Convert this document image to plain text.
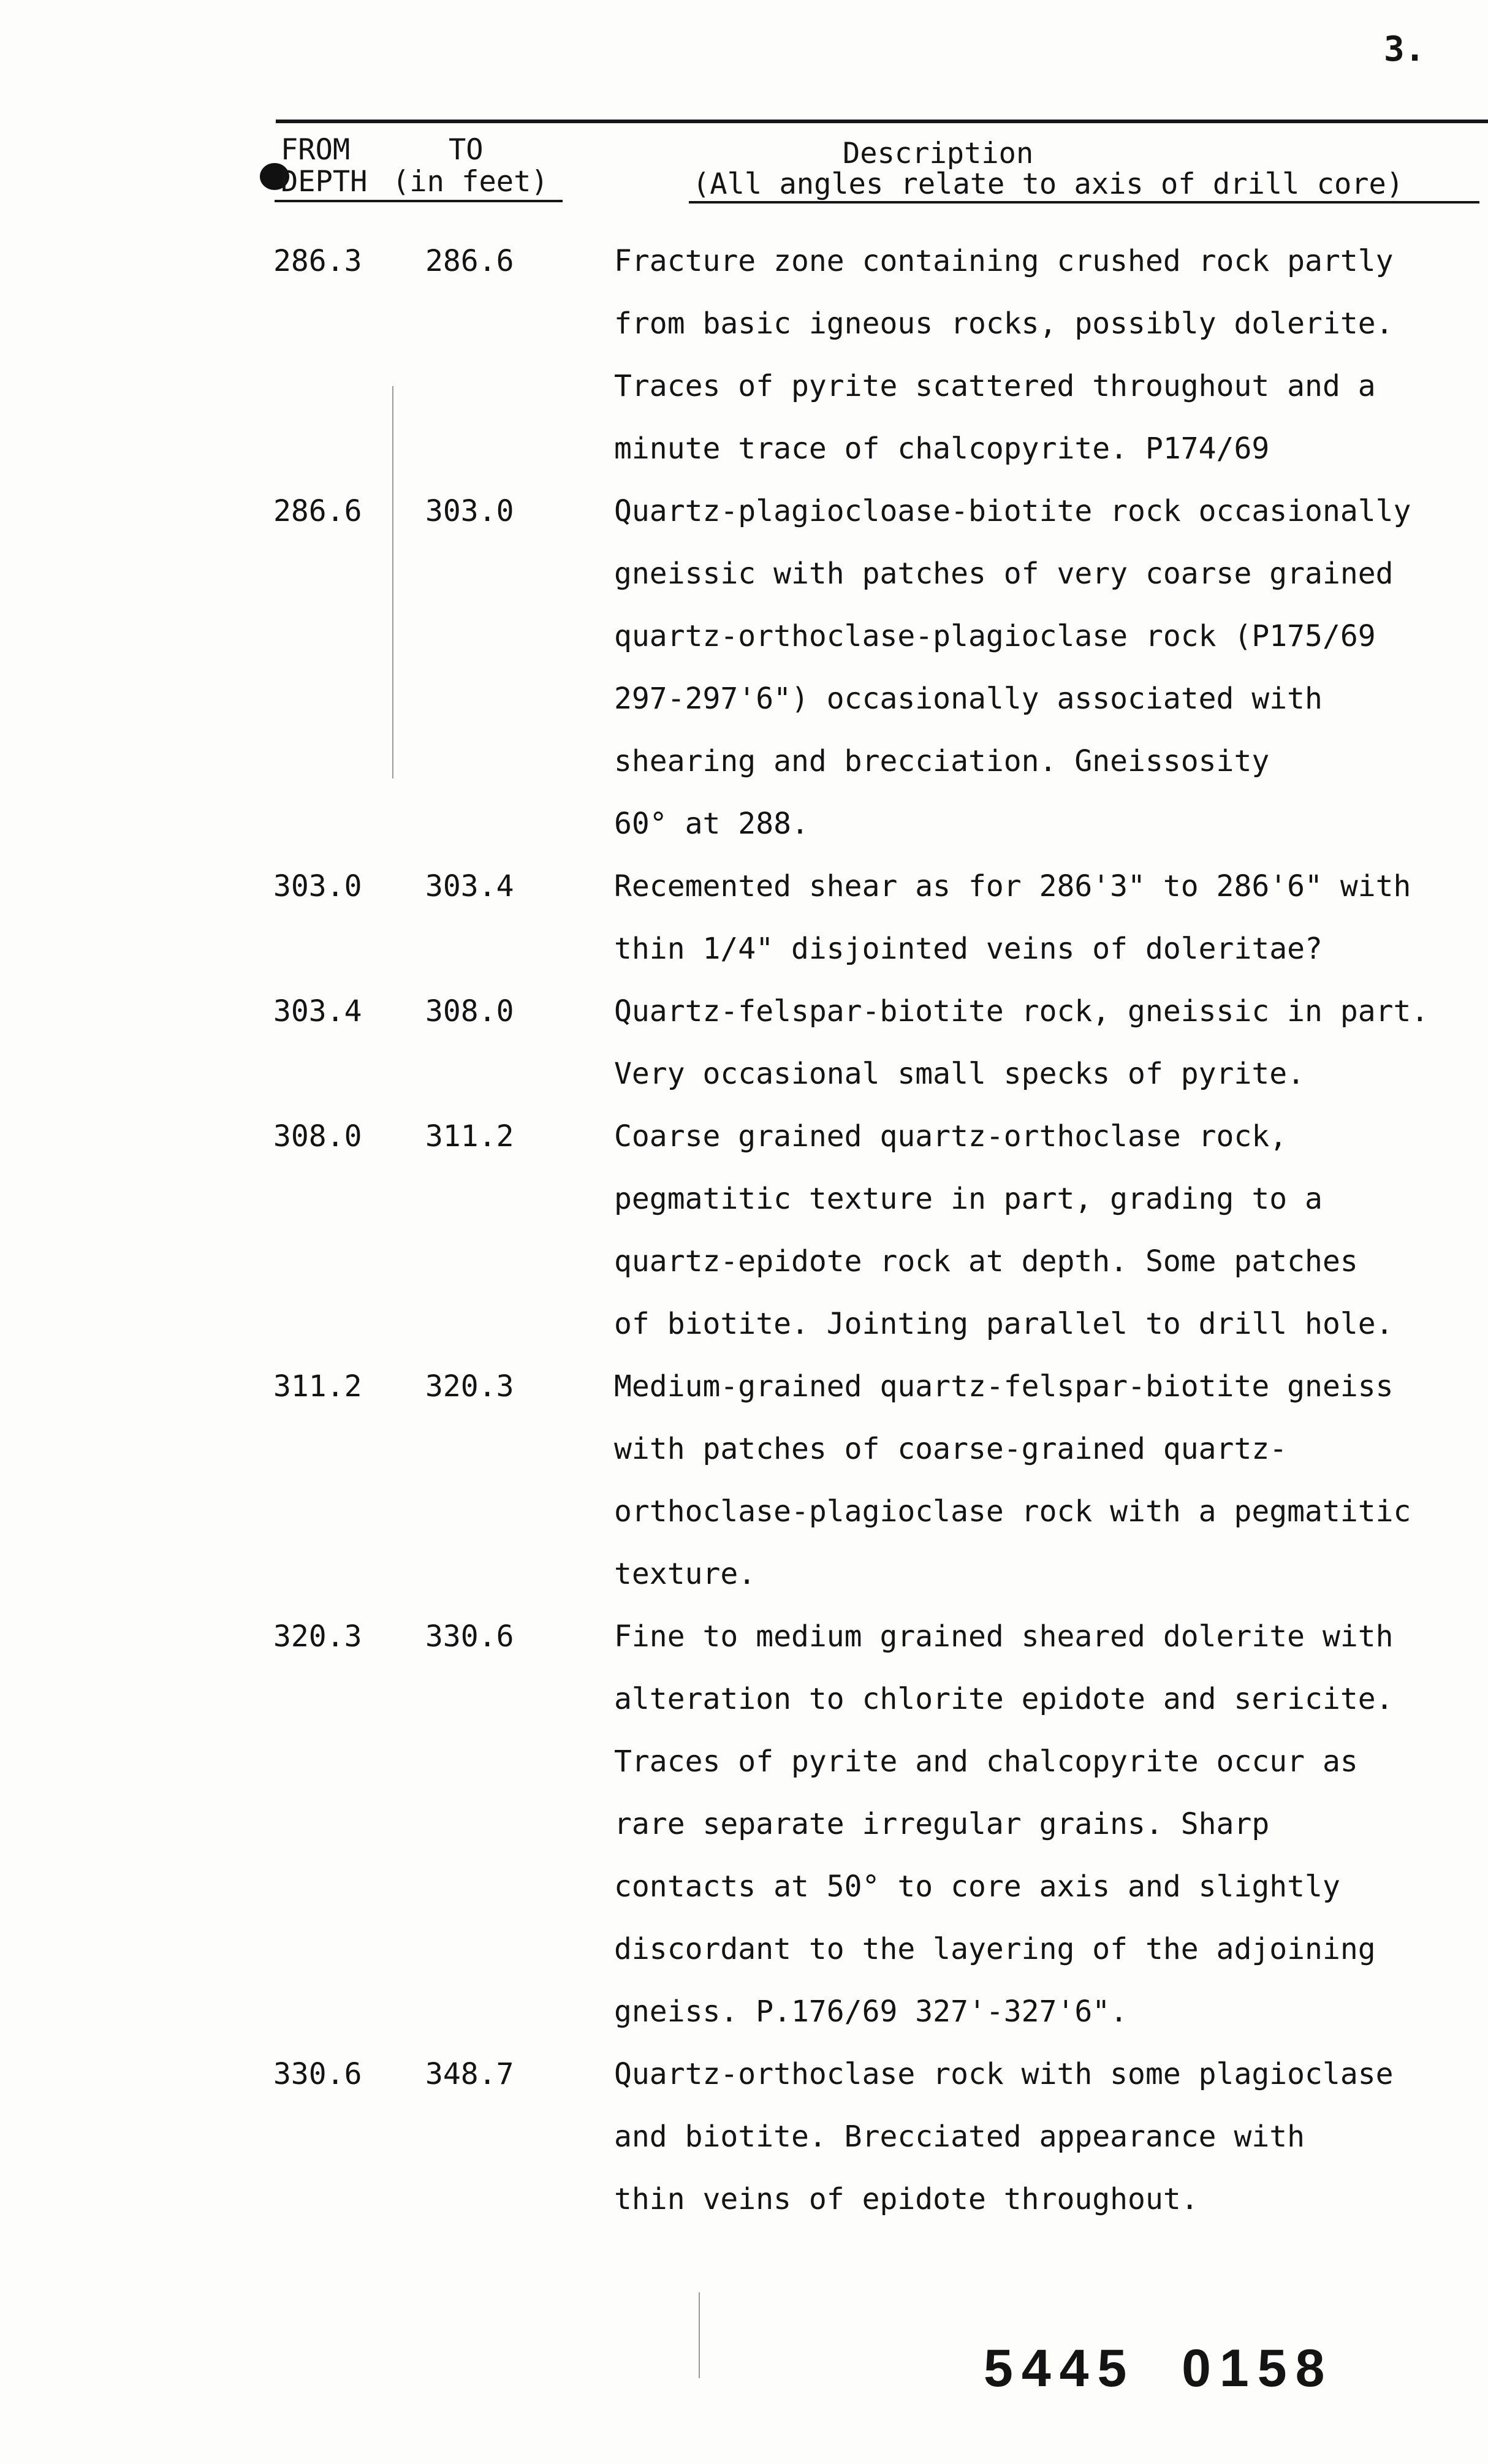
3.
FROM	TO
DEPTH (in feet)
Description
(All angles relate to axis of drill core)
286.3 286.6	Fracture zone containing crushed rock partly
from basic igneous rocks, possibly dolerite.
Traces of pyrite scattered throughout and a
minute trace of chalcopyrite. P174/69
286.6 303.0	Quartz-plagiocloase-biotite rock occasionally
gneissic with patches of very coarse grained
quartz-orthoclase-plagioclase rock (P175/69
297-297'6") occasionally associated with
shearing and brecciation. Gneissosity
60° at 288.
303.0 303.4	Recemented shear as for 286'3" to 286'6" with
thin 1/4" disjointed veins of doleritae?
303.4 308.0	Quartz-felspar-biotite rock, gneissic in part.
Very occasional small specks of pyrite.
308.0 311.2	Coarse grained quartz-orthoclase rock,
pegmatitic texture in part, grading to a
quartz-epidote rock at depth. Some patches
of biotite. Jointing parallel to drill hole.
311.2 320.3	Medium-grained quartz-felspar-biotite gneiss
with patches of coarse-grained quartz-
orthoclase-plagioclase rock with a pegmatitic
texture.
320.3 330.6	Fine to medium grained sheared dolerite with
alteration to chlorite epidote and sericite.
Traces of pyrite and chalcopyrite occur as
rare separate irregular grains. Sharp
contacts at 50° to core axis and slightly
discordant to the layering of the adjoining
gneiss. P.176/69 327'-327'6".
330.6 348.7	Quartz-orthoclase rock with some plagioclase
and biotite. Brecciated appearance with
thin veins of epidote throughout.
5445  0158
